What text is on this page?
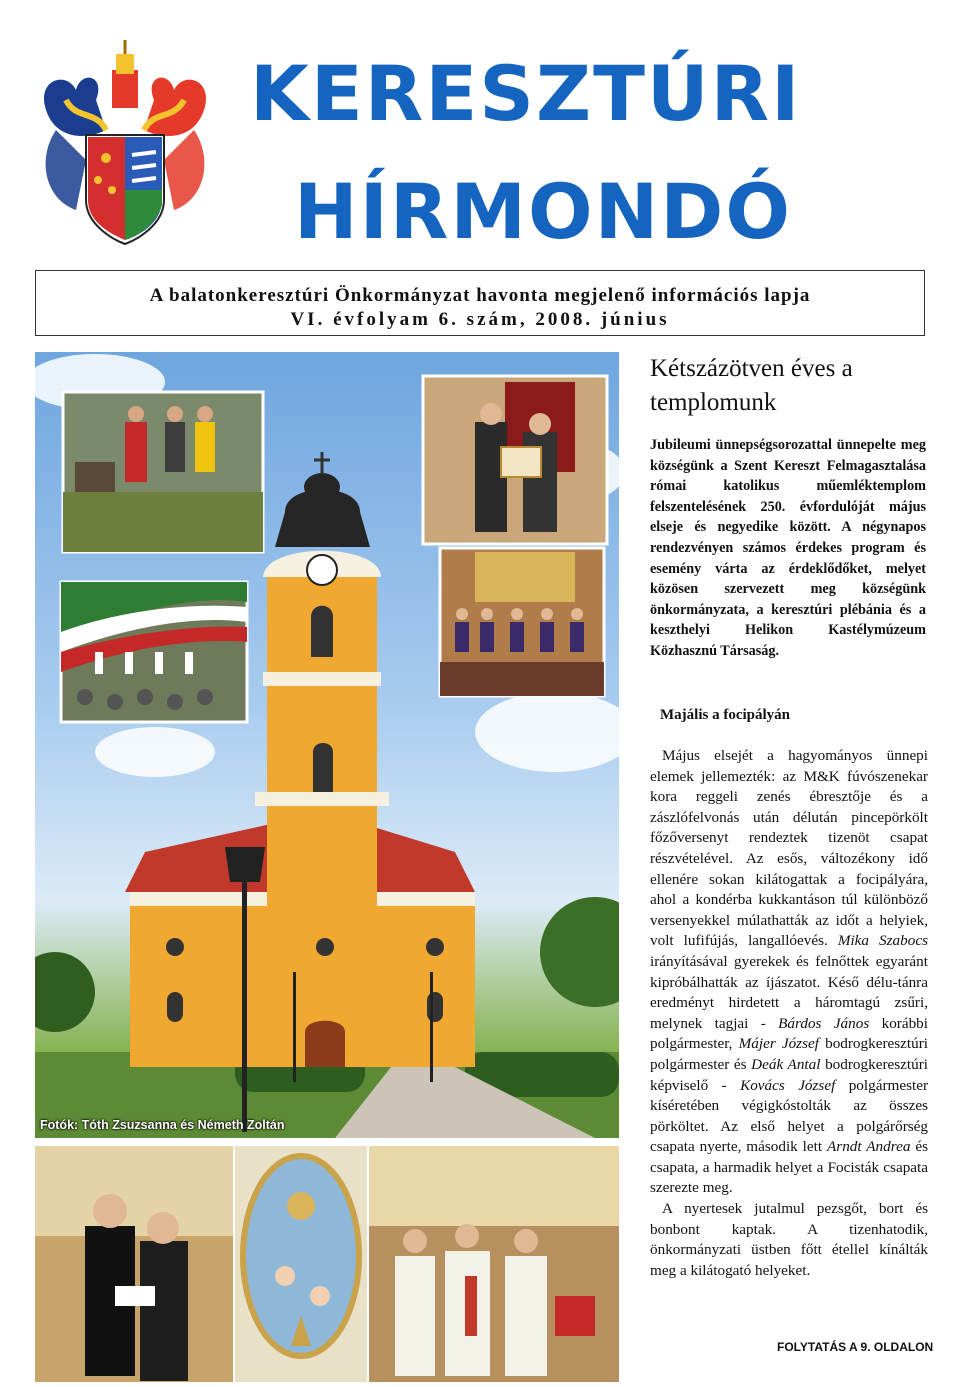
KERESZTÚRI
HÍRMONDÓ
A balatonkeresztúri Önkormányzat havonta megjelenő információs lapja
VI. évfolyam 6. szám, 2008. június
Fotók: Tóth Zsuzsanna és Németh Zoltán
Kétszázötven éves a templomunk
Jubileumi ünnepségsorozattal ünnepelte meg községünk a Szent Kereszt Felmagasztalása római katolikus műemléktemplom felszentelésének 250. évfordulóját május elseje és negyedike között. A négynapos rendezvényen számos érdekes program és esemény várta az érdeklődőket, melyet közösen szervezett meg községünk önkormányzata, a keresztúri plébánia és a keszthelyi Helikon Kastélymúzeum Közhasznú Társaság.
Majális a focipályán

Május elsejét a hagyományos ünnepi elemek jellemezték: az M&K fúvószenekar kora reggeli zenés ébresztője és a zászlófelvonás után délután pincepörkölt főzőversenyt rendeztek tizenöt csapat részvételével. Az esős, változékony idő ellenére sokan kilátogattak a focipályára, ahol a kondérba kukkantáson túl különböző versenyekkel múlathatták az időt a helyiek, volt lufifújás, langallóevés. Mika Szabocs irányításával gyerekek és felnőttek egyaránt kipróbálhatták az íjászatot. Késő délu-tánra eredményt hirdetett a háromtagú zsűri, melynek tagjai - Bárdos János korábbi polgármester, Májer József bodrogkeresztúri polgármester és Deák Antal bodrogkeresztúri képviselő - Kovács József polgármester kíséretében végigkóstolták az összes pörköltet. Az első helyet a polgárőrség csapata nyerte, második lett Arndt Andrea és csapata, a harmadik helyet a Focisták csapata szerezte meg.

A nyertesek jutalmul pezsgőt, bort és bonbont kaptak. A tizenhatodik, önkormányzati üstben főtt étellel kínálták meg a kilátogató helyeket.

FOLYTATÁS A 9. OLDALON
